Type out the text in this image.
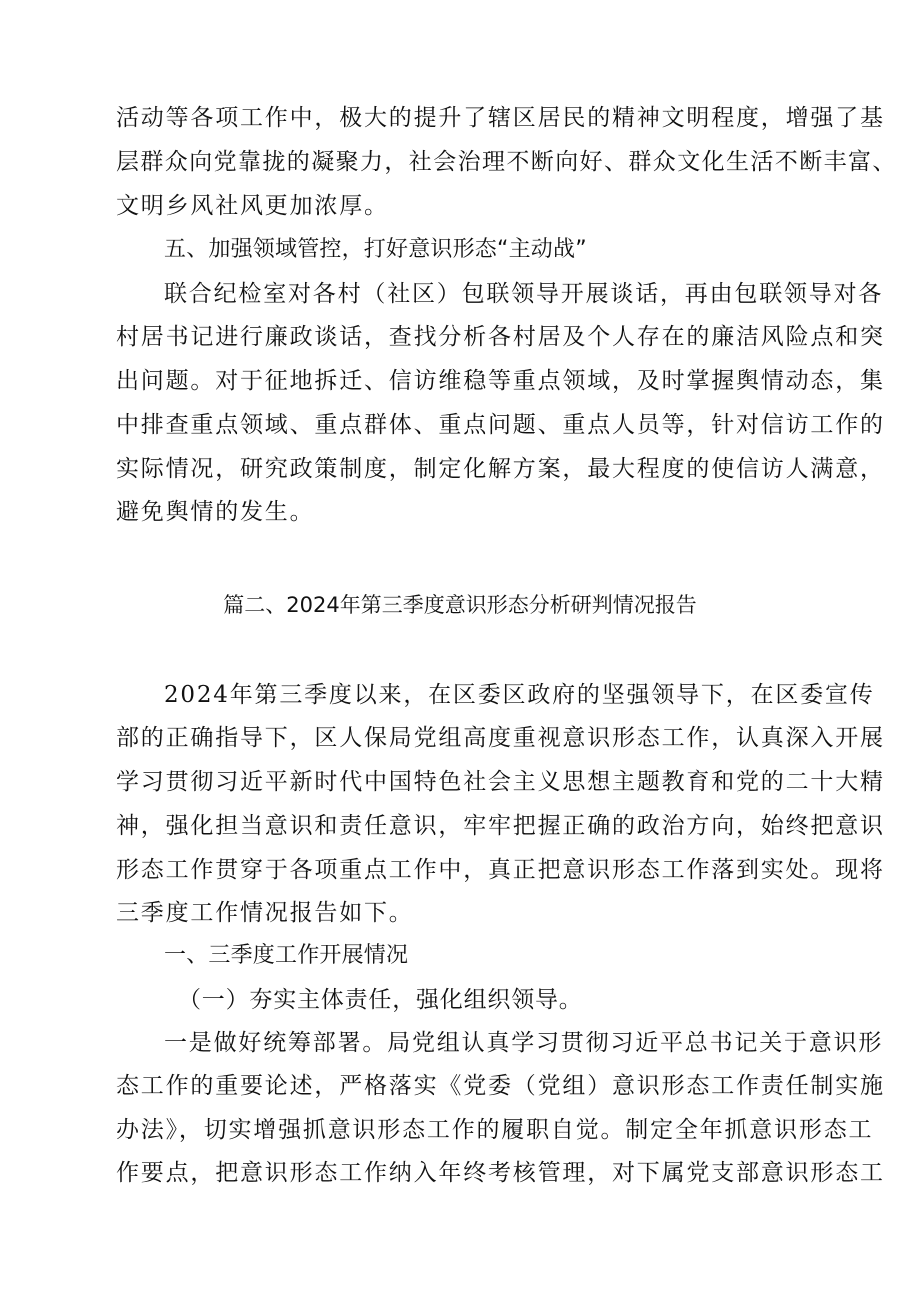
活动等各项工作中，极大的提升了辖区居民的精神文明程度，增强了基
层群众向党靠拢的凝聚力，社会治理不断向好、群众文化生活不断丰富、
文明乡风社风更加浓厚。
五、加强领域管控，打好意识形态“主动战”
联合纪检室对各村（社区）包联领导开展谈话，再由包联领导对各
村居书记进行廉政谈话，查找分析各村居及个人存在的廉洁风险点和突
出问题。对于征地拆迁、信访维稳等重点领域，及时掌握舆情动态，集
中排查重点领域、重点群体、重点问题、重点人员等，针对信访工作的
实际情况，研究政策制度，制定化解方案，最大程度的使信访人满意，
避免舆情的发生。
篇二、2024年第三季度意识形态分析研判情况报告
2024年第三季度以来，在区委区政府的坚强领导下，在区委宣传
部的正确指导下，区人保局党组高度重视意识形态工作，认真深入开展
学习贯彻习近平新时代中国特色社会主义思想主题教育和党的二十大精
神，强化担当意识和责任意识，牢牢把握正确的政治方向，始终把意识
形态工作贯穿于各项重点工作中，真正把意识形态工作落到实处。现将
三季度工作情况报告如下。
一、三季度工作开展情况
（一）夯实主体责任，强化组织领导。
一是做好统筹部署。局党组认真学习贯彻习近平总书记关于意识形
态工作的重要论述，严格落实《党委（党组）意识形态工作责任制实施
办法》，切实增强抓意识形态工作的履职自觉。制定全年抓意识形态工
作要点，把意识形态工作纳入年终考核管理，对下属党支部意识形态工
